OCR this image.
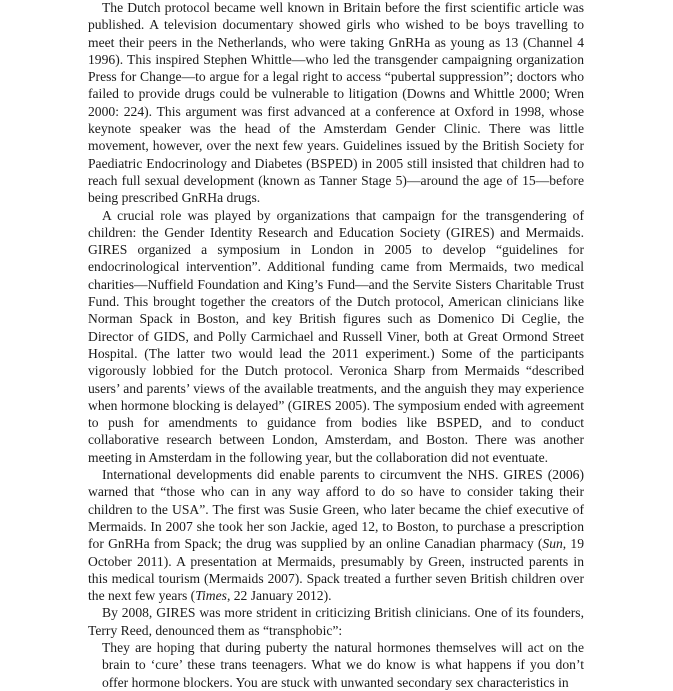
The Dutch protocol became well known in Britain before the first scientific article was published. A television documentary showed girls who wished to be boys travelling to meet their peers in the Netherlands, who were taking GnRHa as young as 13 (Channel 4 1996). This inspired Stephen Whittle—who led the transgender campaigning organization Press for Change—to argue for a legal right to access “pubertal suppression”; doctors who failed to provide drugs could be vulnerable to litigation (Downs and Whittle 2000; Wren 2000: 224). This argument was first advanced at a conference at Oxford in 1998, whose keynote speaker was the head of the Amsterdam Gender Clinic. There was little movement, however, over the next few years. Guidelines issued by the British Society for Paediatric Endocrinology and Diabetes (BSPED) in 2005 still insisted that children had to reach full sexual development (known as Tanner Stage 5)—around the age of 15—before being prescribed GnRHa drugs.

A crucial role was played by organizations that campaign for the transgendering of children: the Gender Identity Research and Education Society (GIRES) and Mermaids. GIRES organized a symposium in London in 2005 to develop “guidelines for endocrinological intervention”. Additional funding came from Mermaids, two medical charities—Nuffield Foundation and King’s Fund—and the Servite Sisters Charitable Trust Fund. This brought together the creators of the Dutch protocol, American clinicians like Norman Spack in Boston, and key British figures such as Domenico Di Ceglie, the Director of GIDS, and Polly Carmichael and Russell Viner, both at Great Ormond Street Hospital. (The latter two would lead the 2011 experiment.) Some of the participants vigorously lobbied for the Dutch protocol. Veronica Sharp from Mermaids “described users’ and parents’ views of the available treatments, and the anguish they may experience when hormone blocking is delayed” (GIRES 2005). The symposium ended with agreement to push for amendments to guidance from bodies like BSPED, and to conduct collaborative research between London, Amsterdam, and Boston. There was another meeting in Amsterdam in the following year, but the collaboration did not eventuate.

International developments did enable parents to circumvent the NHS. GIRES (2006) warned that “those who can in any way afford to do so have to consider taking their children to the USA”. The first was Susie Green, who later became the chief executive of Mermaids. In 2007 she took her son Jackie, aged 12, to Boston, to purchase a prescription for GnRHa from Spack; the drug was supplied by an online Canadian pharmacy (Sun, 19 October 2011). A presentation at Mermaids, presumably by Green, instructed parents in this medical tourism (Mermaids 2007). Spack treated a further seven British children over the next few years (Times, 22 January 2012).

By 2008, GIRES was more strident in criticizing British clinicians. One of its founders, Terry Reed, denounced them as “transphobic”:

They are hoping that during puberty the natural hormones themselves will act on the brain to ‘cure’ these trans teenagers. What we do know is what happens if you don’t offer hormone blockers. You are stuck with unwanted secondary sex characteristics in
